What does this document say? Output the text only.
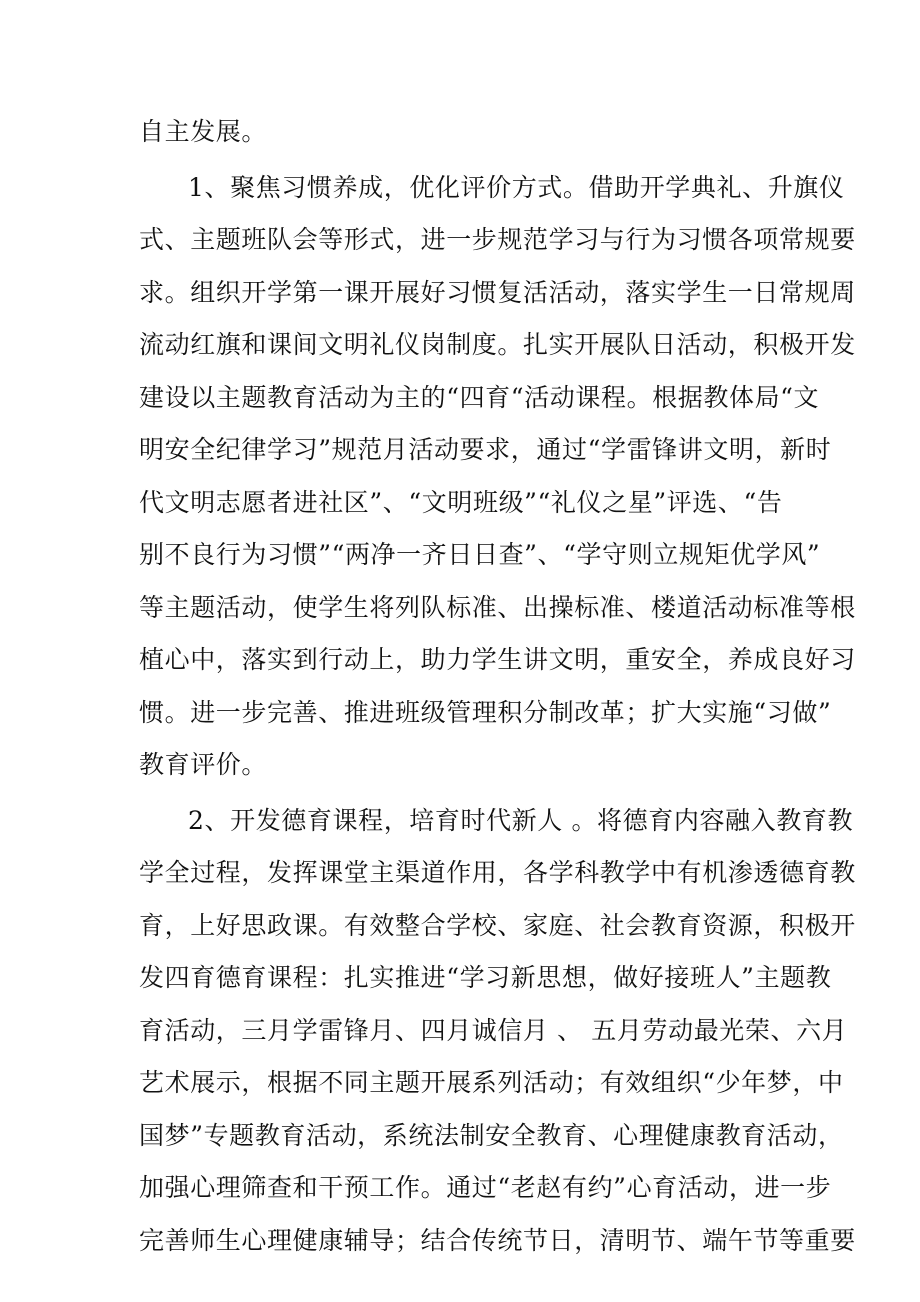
自主发展。
1、聚焦习惯养成，优化评价方式。借助开学典礼、升旗仪
式、主题班队会等形式，进一步规范学习与行为习惯各项常规要
求。组织开学第一课开展好习惯复活活动，落实学生一日常规周
流动红旗和课间文明礼仪岗制度。扎实开展队日活动，积极开发
建设以主题教育活动为主的“四育“活动课程。根据教体局“文
明安全纪律学习”规范月活动要求，通过“学雷锋讲文明，新时
代文明志愿者进社区”、“文明班级”“礼仪之星”评选、“告
别不良行为习惯”“两净一齐日日查”、“学守则立规矩优学风”
等主题活动，使学生将列队标准、出操标准、楼道活动标准等根
植心中，落实到行动上，助力学生讲文明，重安全，养成良好习
惯。进一步完善、推进班级管理积分制改革；扩大实施“习做”
教育评价。
2、开发德育课程，培育时代新人 。将德育内容融入教育教
学全过程，发挥课堂主渠道作用，各学科教学中有机渗透德育教
育，上好思政课。有效整合学校、家庭、社会教育资源，积极开
发四育德育课程：扎实推进“学习新思想，做好接班人”主题教
育活动，三月学雷锋月、四月诚信月 、 五月劳动最光荣、六月
艺术展示，根据不同主题开展系列活动；有效组织“少年梦，中
国梦”专题教育活动，系统法制安全教育、心理健康教育活动，
加强心理筛查和干预工作。通过“老赵有约”心育活动，进一步
完善师生心理健康辅导；结合传统节日，清明节、端午节等重要
